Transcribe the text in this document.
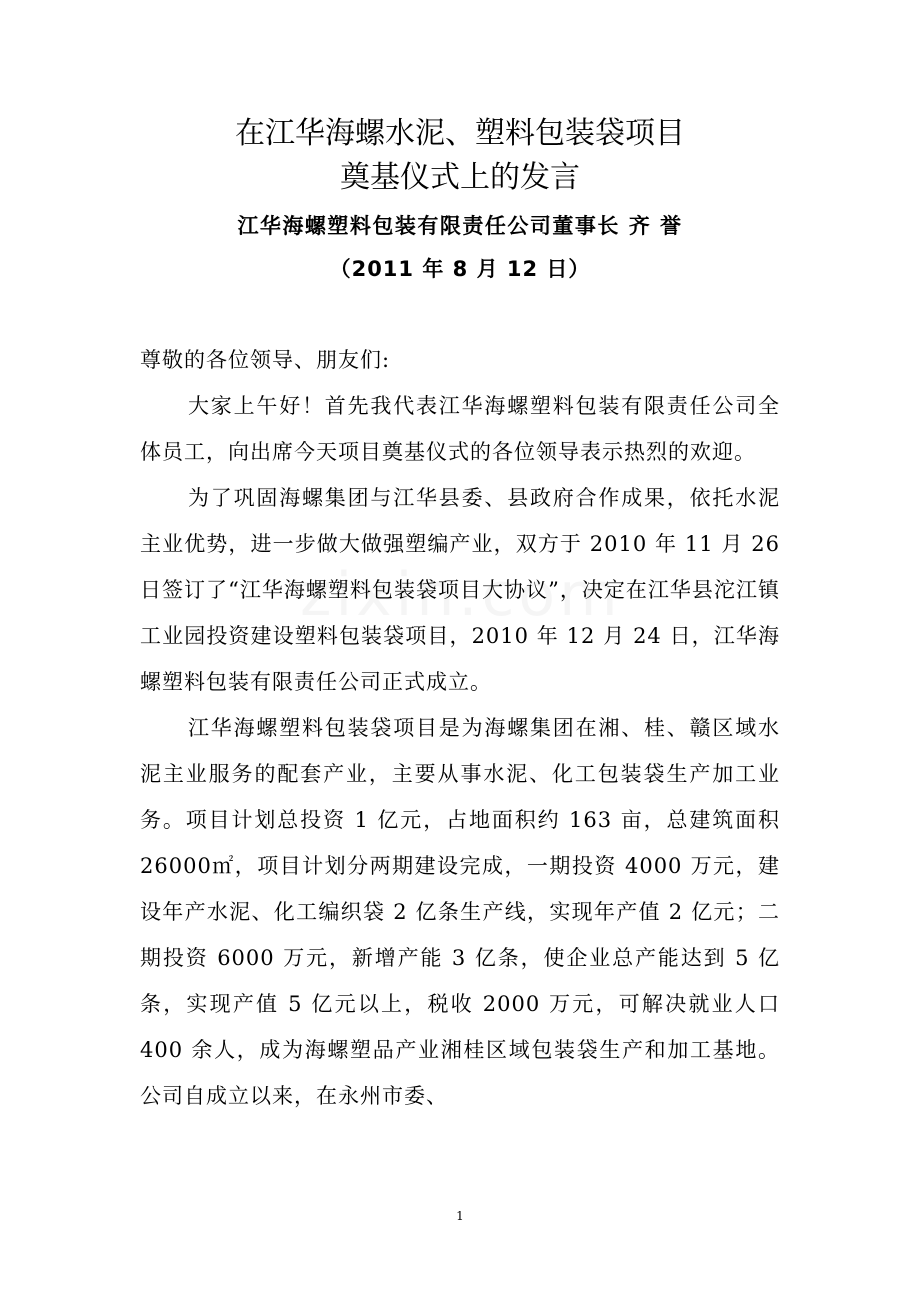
在江华海螺水泥、塑料包装袋项目
奠基仪式上的发言
江华海螺塑料包装有限责任公司董事长 齐 誉
（2011 年 8 月 12 日）

尊敬的各位领导、朋友们:

大家上午好！首先我代表江华海螺塑料包装有限责任公司全体员工，向出席今天项目奠基仪式的各位领导表示热烈的欢迎。

为了巩固海螺集团与江华县委、县政府合作成果，依托水泥主业优势，进一步做大做强塑编产业，双方于 2010 年 11 月 26 日签订了“江华海螺塑料包装袋项目大协议”，决定在江华县沱江镇工业园投资建设塑料包装袋项目，2010 年 12 月 24 日，江华海螺塑料包装有限责任公司正式成立。

江华海螺塑料包装袋项目是为海螺集团在湘、桂、赣区域水泥主业服务的配套产业，主要从事水泥、化工包装袋生产加工业务。项目计划总投资 1 亿元，占地面积约 163 亩，总建筑面积 26000㎡，项目计划分两期建设完成，一期投资 4000 万元，建设年产水泥、化工编织袋 2 亿条生产线，实现年产值 2 亿元；二期投资 6000 万元，新增产能 3 亿条，使企业总产能达到 5 亿条，实现产值 5 亿元以上，税收 2000 万元，可解决就业人口 400 余人，成为海螺塑品产业湘桂区域包装袋生产和加工基地。公司自成立以来，在永州市委、

1
